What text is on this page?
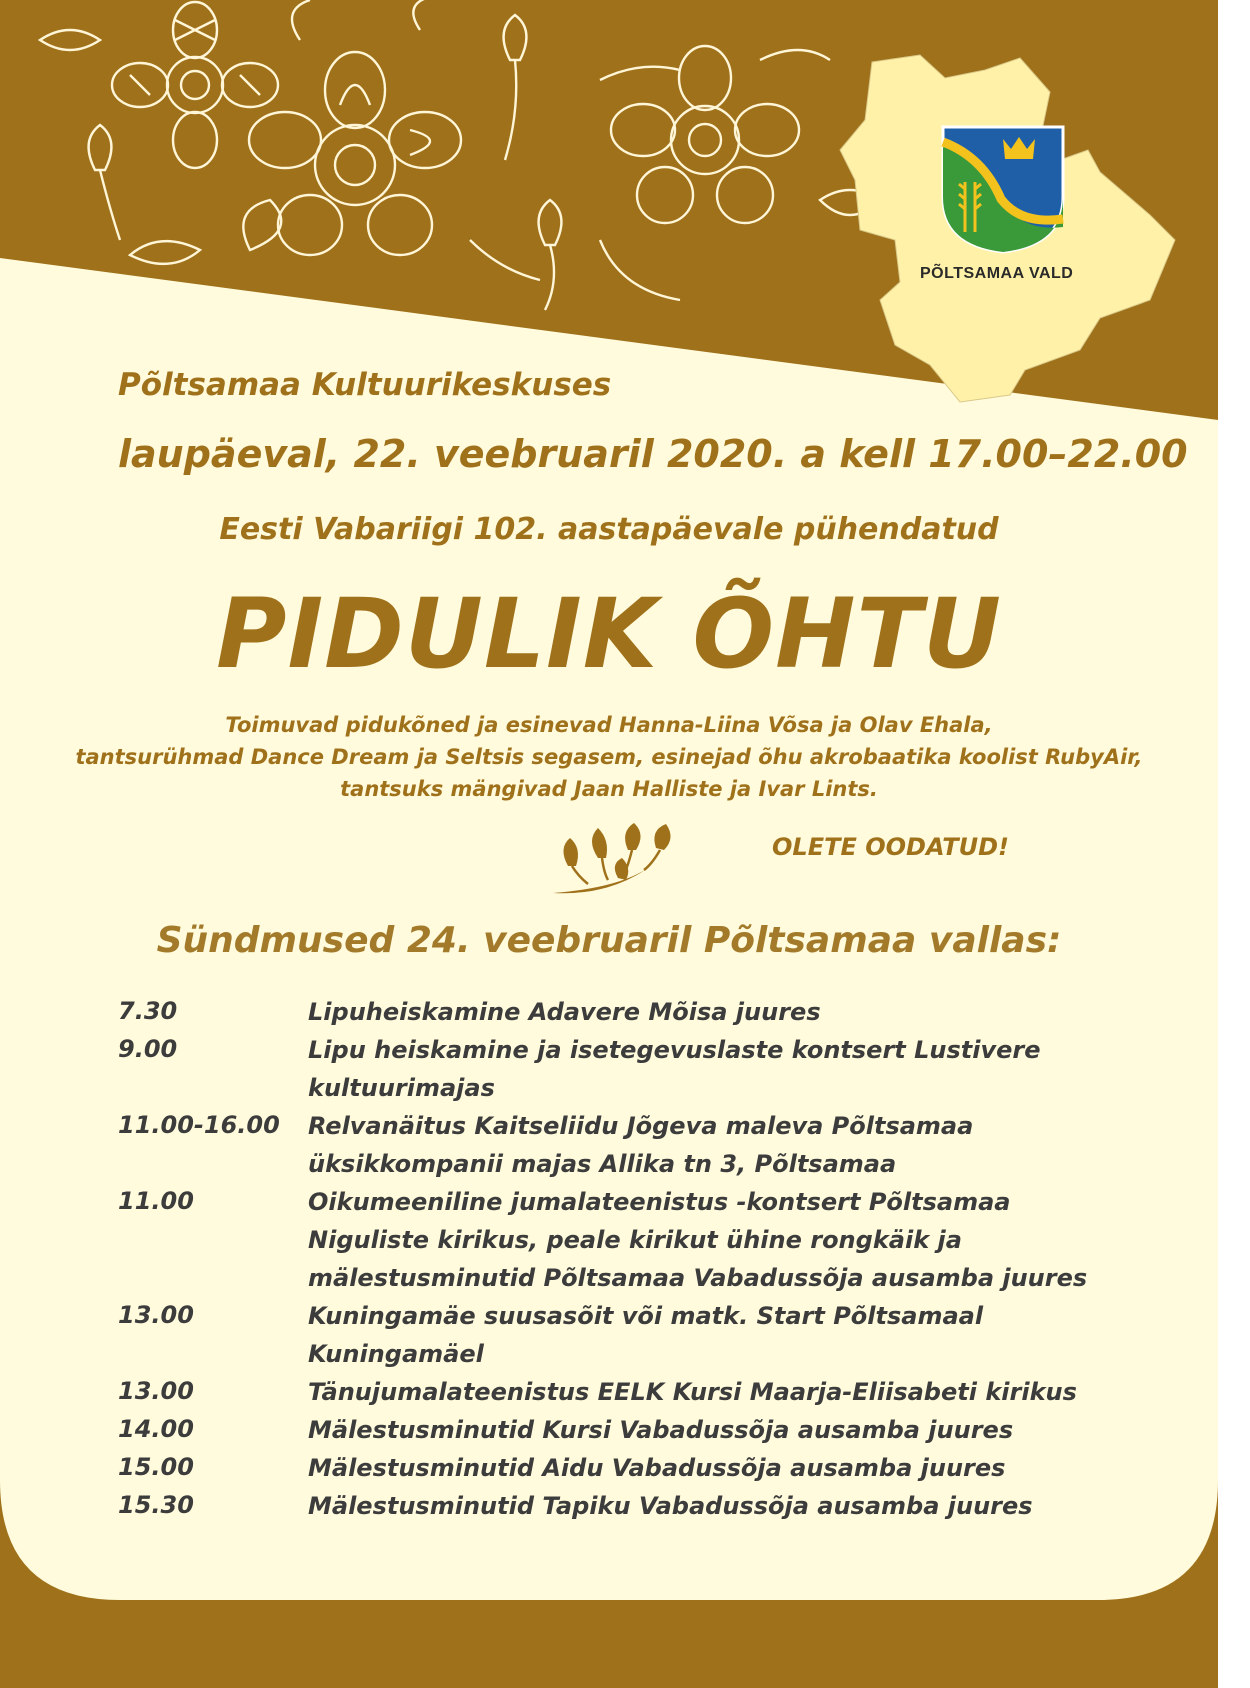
PÕLTSAMAA VALD

Põltsamaa Kultuurikeskuses

laupäeval, 22. veebruaril 2020. a kell 17.00–22.00

Eesti Vabariigi 102. aastapäevale pühendatud

PIDULIK ÕHTU

Toimuvad pidukõned ja esinevad Hanna-Liina Võsa ja Olav Ehala,

tantsurühmad Dance Dream ja Seltsis segasem, esinejad õhu akrobaatika koolist RubyAir,

tantsuks mängivad Jaan Halliste ja Ivar Lints.

OLETE OODATUD!

Sündmused 24. veebruaril Põltsamaa vallas:

7.30	Lipuheiskamine Adavere Mõisa juures
9.00	Lipu heiskamine ja isetegevuslaste kontsert Lustivere
kultuurimajas
11.00-16.00 Relvanäitus Kaitseliidu Jõgeva maleva Põltsamaa
üksikkompanii majas Allika tn 3, Põltsamaa
11.00	Oikumeeniline jumalateenistus -kontsert Põltsamaa
Niguliste kirikus, peale kirikut ühine rongkäik ja
mälestusminutid Põltsamaa Vabadussõja ausamba juures
13.00	Kuningamäe suusasõit või matk. Start Põltsamaal
Kuningamäel
13.00	Tänujumalateenistus EELK Kursi Maarja-Eliisabeti kirikus
14.00	Mälestusminutid Kursi Vabadussõja ausamba juures
15.00	Mälestusminutid Aidu Vabadussõja ausamba juures
15.30	Mälestusminutid Tapiku Vabadussõja ausamba juures
